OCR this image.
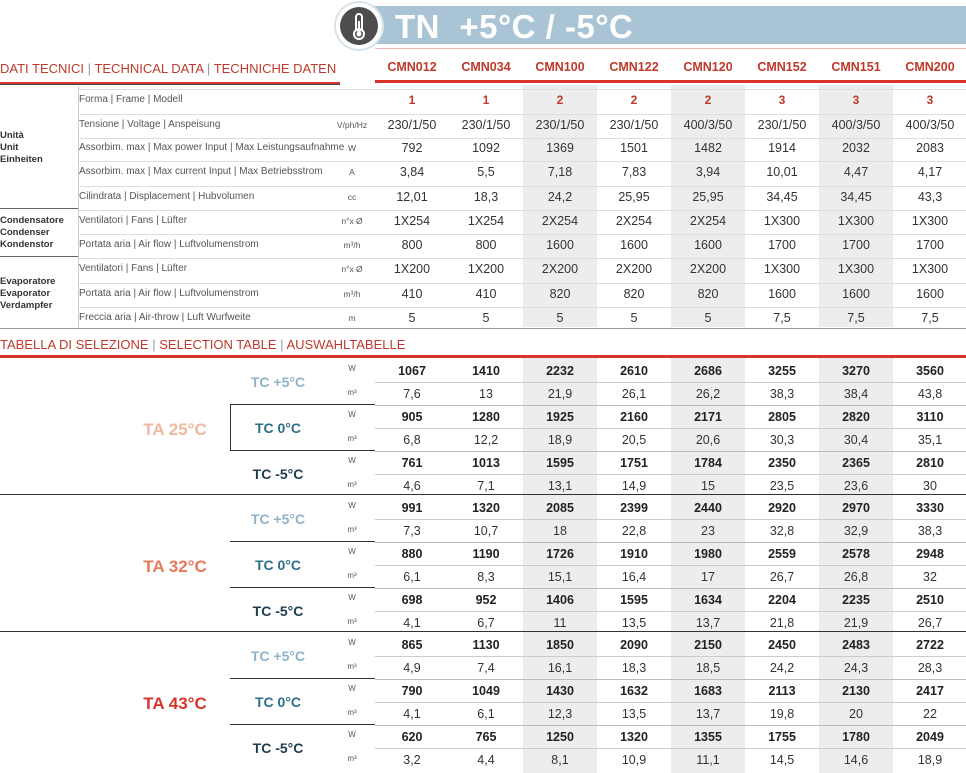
TN  +5°C / -5°C
DATI TECNICI | TECHNICAL DATA | TECHNICHE DATEN	CMN012	CMN034	CMN100	CMN122	CMN120	CMN152	CMN151	CMN200
Forma | Frame | Modell	1	1	2	2	2	3	3	3
Tensione | Voltage | Anspeisung	V/ph/Hz	230/1/50	230/1/50	230/1/50	230/1/50	400/3/50	230/1/50	400/3/50	400/3/50
Assorbim. max | Max power Input | Max Leistungsaufnahme W	792	1092	1369	1501	1482	1914	2032	2083
Assorbim. max | Max current Input | Max Betriebsstrom	A	3,84	5,5	7,18	7,83	3,94	10,01	4,47	4,17
Cilindrata | Displacement | Hubvolumen	cc	12,01	18,3	24,2	25,95	25,95	34,45	34,45	43,3
Ventilatori | Fans | Lüfter	n°x Ø	1X254	1X254	2X254	2X254	2X254	1X300	1X300	1X300
Portata aria | Air flow | Luftvolumenstrom	m³/h	800	800	1600	1600	1600	1700	1700	1700
Ventilatori | Fans | Lüfter	n°x Ø	1X200	1X200	2X200	2X200	2X200	1X300	1X300	1X300
Portata aria | Air flow | Luftvolumenstrom	m³/h	410	410	820	820	820	1600	1600	1600
Freccia aria | Air-throw | Luft Wurfweite	m	5	5	5	5	5	7,5	7,5	7,5
Unità
Unit
Einheiten
Condensatore
Condenser
Kondenstor
Evaporatore
Evaporator
Verdampfer
TA 25°C
TC +5°C
W
m³
1067	1410	2232	2610	2686	3255	3270	3560
7,6	13	21,9	26,1	26,2	38,3	38,4	43,8
TC 0°C
W
m³
905	1280	1925	2160	2171	2805	2820	3110
6,8	12,2	18,9	20,5	20,6	30,3	30,4	35,1
TC -5°C
W
m³
761	1013	1595	1751	1784	2350	2365	2810
4,6	7,1	13,1	14,9	15	23,5	23,6	30
TA 32°C
TC +5°C
W
m³
991	1320	2085	2399	2440	2920	2970	3330
7,3	10,7	18	22,8	23	32,8	32,9	38,3
TC 0°C
W
m³
880	1190	1726	1910	1980	2559	2578	2948
6,1	8,3	15,1	16,4	17	26,7	26,8	32
TC -5°C
W
m³
698	952	1406	1595	1634	2204	2235	2510
4,1	6,7	11	13,5	13,7	21,8	21,9	26,7
TA 43°C
TC +5°C
W
m³
865	1130	1850	2090	2150	2450	2483	2722
4,9	7,4	16,1	18,3	18,5	24,2	24,3	28,3
TC 0°C
W
m³
790	1049	1430	1632	1683	2113	2130	2417
4,1	6,1	12,3	13,5	13,7	19,8	20	22
TC -5°C
W
m³
620	765	1250	1320	1355	1755	1780	2049
3,2	4,4	8,1	10,9	11,1	14,5	14,6	18,9
TABELLA DI SELEZIONE | SELECTION TABLE | AUSWAHLTABELLE
